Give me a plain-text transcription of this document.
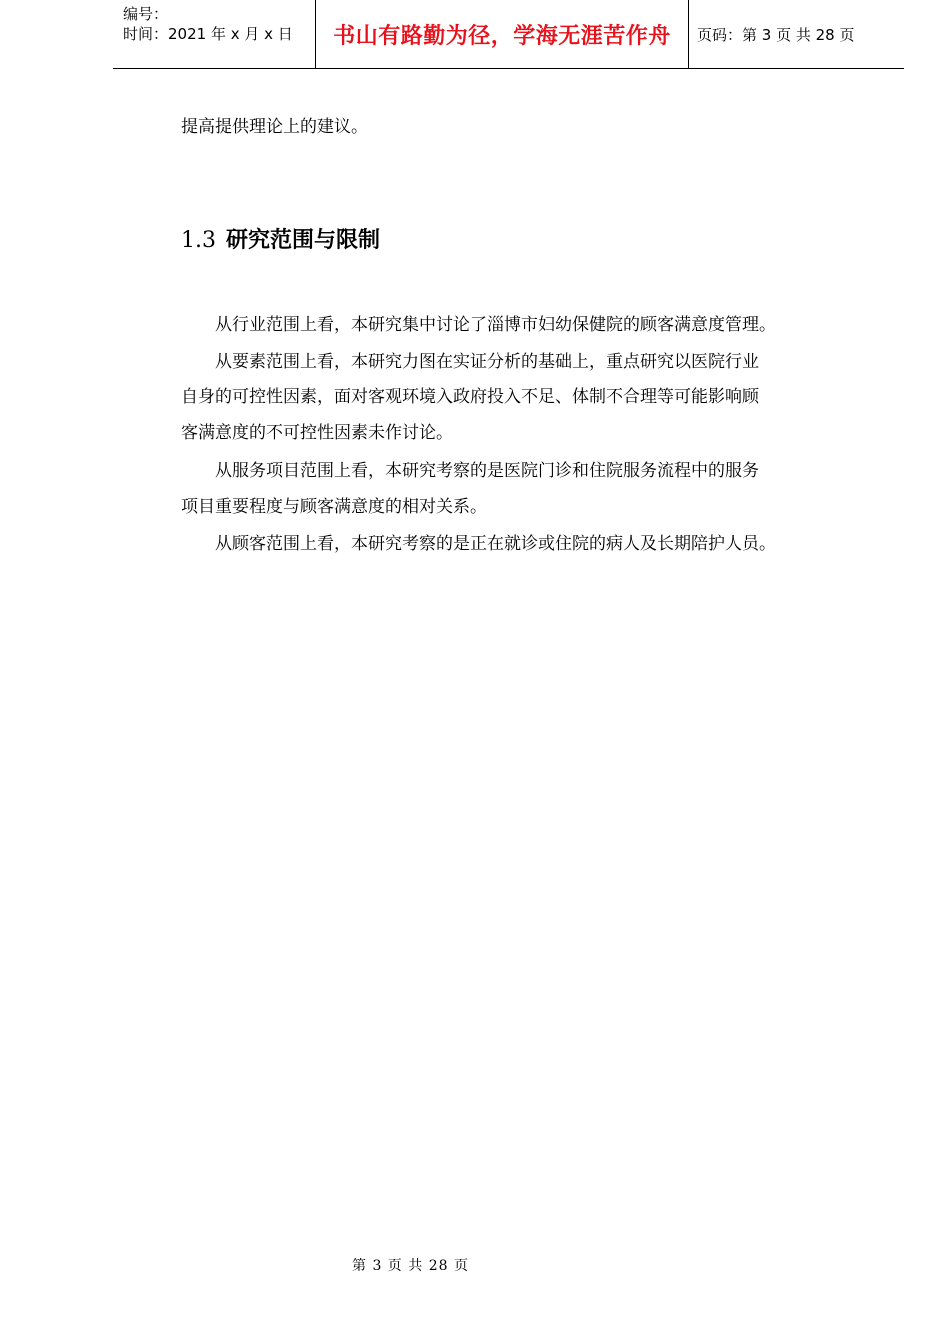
编号：
时间：2021 年 x 月 x 日	书山有路勤为径，学海无涯苦作舟	页码：第 3 页 共 28 页
提高提供理论上的建议。
1.3 研究范围与限制
　　从行业范围上看，本研究集中讨论了淄博市妇幼保健院的顾客满意度管理。
　　从要素范围上看，本研究力图在实证分析的基础上，重点研究以医院行业
自身的可控性因素，面对客观环境入政府投入不足、体制不合理等可能影响顾
客满意度的不可控性因素未作讨论。
　　从服务项目范围上看，本研究考察的是医院门诊和住院服务流程中的服务
项目重要程度与顾客满意度的相对关系。
　　从顾客范围上看，本研究考察的是正在就诊或住院的病人及长期陪护人员。
第 3 页 共 28 页
